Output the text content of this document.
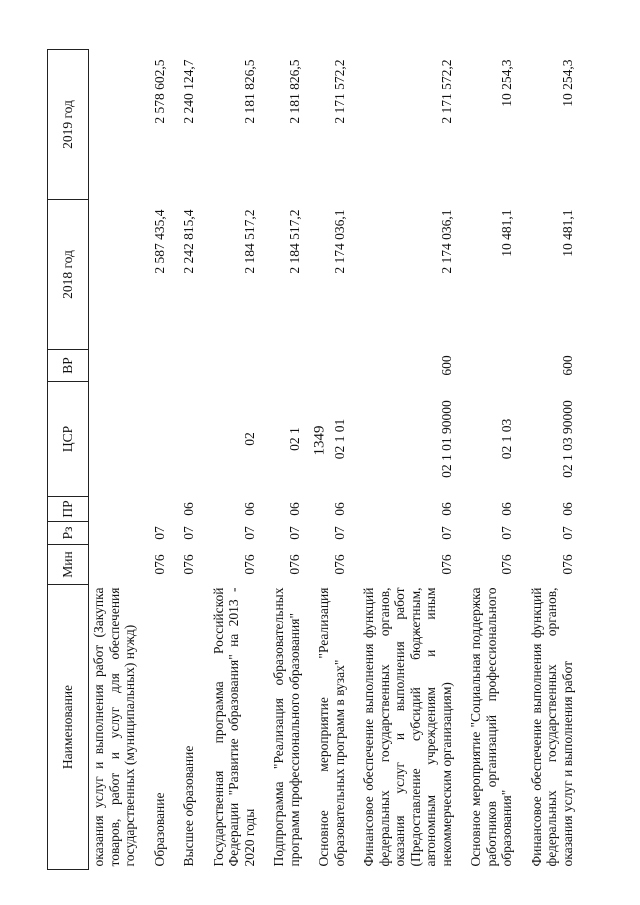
1349
Наименование	Мин	Рз	ПР	ЦСР	ВР	2018 год	2019 год
оказания услуг и выполнения работ (Закупка товаров, работ и услуг для обеспечения государственных (муниципальных) нужд)							

Образование	076	07				2 587 435,4	2 578 602,5

Высшее образование	076	07	06			2 242 815,4	2 240 124,7

Государственная программа Российской Федерации "Развитие образования" на 2013 - 2020 годы	076	07	06	02		2 184 517,2	2 181 826,5

Подпрограмма "Реализация образовательных программ профессионального образования"	076	07	06	02 1		2 184 517,2	2 181 826,5

Основное мероприятие "Реализация образовательных программ в вузах"	076	07	06	02 1 01		2 174 036,1	2 171 572,2

Финансовое обеспечение выполнения функций федеральных государственных органов, оказания услуг и выполнения работ (Предоставление субсидий бюджетным, автономным учреждениям и иным некоммерческим организациям)	076	07	06	02 1 01 90000	600	2 174 036,1	2 171 572,2

Основное мероприятие "Социальная поддержка работников организаций профессионального образования"	076	07	06	02 1 03		10 481,1	10 254,3

Финансовое обеспечение выполнения функций федеральных государственных органов, оказания услуг и выполнения работ	076	07	06	02 1 03 90000	600	10 481,1	10 254,3
